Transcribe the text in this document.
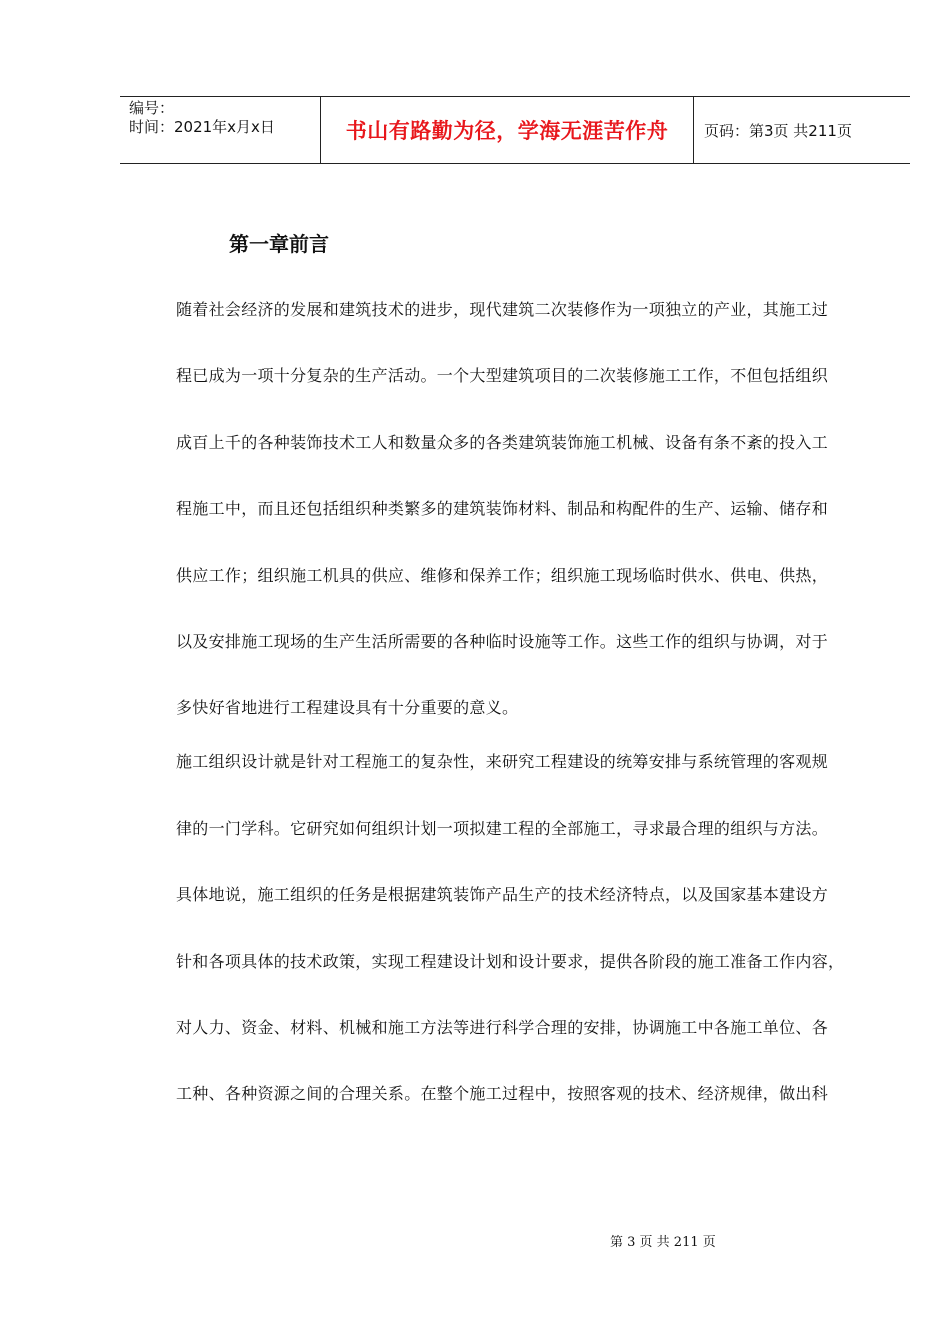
编号：
时间：2021年x月x日	书山有路勤为径，学海无涯苦作舟	页码：第3页 共211页
第一章前言
随着社会经济的发展和建筑技术的进步，现代建筑二次装修作为一项独立的产业，其施工过
程已成为一项十分复杂的生产活动。一个大型建筑项目的二次装修施工工作，不但包括组织
成百上千的各种装饰技术工人和数量众多的各类建筑装饰施工机械、设备有条不紊的投入工
程施工中，而且还包括组织种类繁多的建筑装饰材料、制品和构配件的生产、运输、储存和
供应工作；组织施工机具的供应、维修和保养工作；组织施工现场临时供水、供电、供热，
以及安排施工现场的生产生活所需要的各种临时设施等工作。这些工作的组织与协调，对于
多快好省地进行工程建设具有十分重要的意义。
施工组织设计就是针对工程施工的复杂性，来研究工程建设的统筹安排与系统管理的客观规
律的一门学科。它研究如何组织计划一项拟建工程的全部施工，寻求最合理的组织与方法。
具体地说，施工组织的任务是根据建筑装饰产品生产的技术经济特点，以及国家基本建设方
针和各项具体的技术政策，实现工程建设计划和设计要求，提供各阶段的施工准备工作内容，
对人力、资金、材料、机械和施工方法等进行科学合理的安排，协调施工中各施工单位、各
工种、各种资源之间的合理关系。在整个施工过程中，按照客观的技术、经济规律，做出科
第 3 页 共 211 页
